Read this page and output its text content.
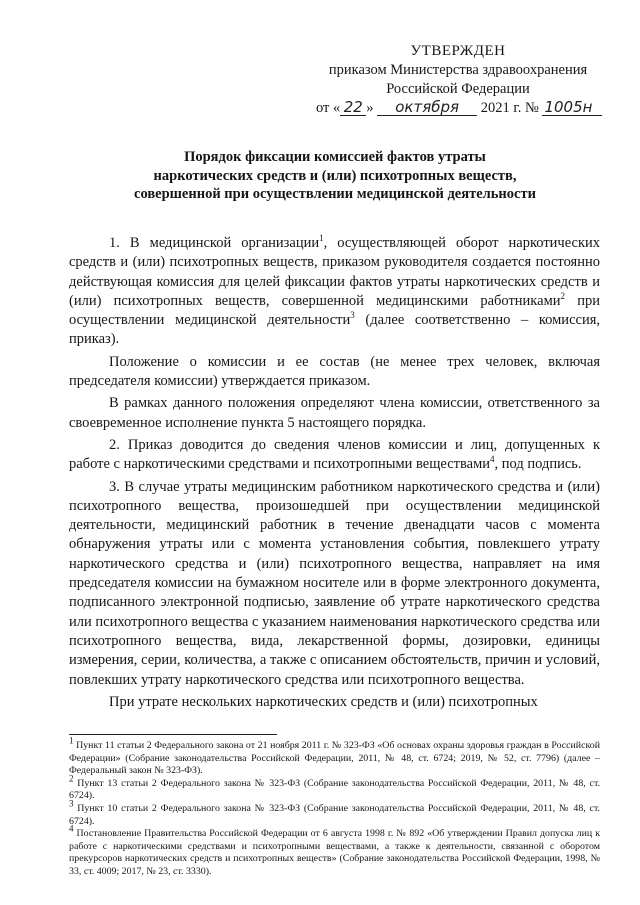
УТВЕРЖДЕН
приказом Министерства здравоохранения
Российской Федерации
от « 22 » октября 2021 г. № 1005н
Порядок фиксации комиссией фактов утраты
наркотических средств и (или) психотропных веществ,
совершенной при осуществлении медицинской деятельности

1. В медицинской организации$^1$, осуществляющей оборот наркотических средств и (или) психотропных веществ, приказом руководителя создается постоянно действующая комиссия для целей фиксации фактов утраты наркотических средств и (или) психотропных веществ, совершенной медицинскими работниками$^2$ при осуществлении медицинской деятельности$^3$ (далее соответственно – комиссия, приказ).

Положение о комиссии и ее состав (не менее трех человек, включая председателя комиссии) утверждается приказом.

В рамках данного положения определяют члена комиссии, ответственного за своевременное исполнение пункта 5 настоящего порядка.

2. Приказ доводится до сведения членов комиссии и лиц, допущенных к работе с наркотическими средствами и психотропными веществами$^4$, под подпись.

3. В случае утраты медицинским работником наркотического средства и (или) психотропного вещества, произошедшей при осуществлении медицинской деятельности, медицинский работник в течение двенадцати часов с момента обнаружения утраты или с момента установления события, повлекшего утрату наркотического средства и (или) психотропного вещества, направляет на имя председателя комиссии на бумажном носителе или в форме электронного документа, подписанного электронной подписью, заявление об утрате наркотического средства или психотропного вещества с указанием наименования наркотического средства или психотропного вещества, вида, лекарственной формы, дозировки, единицы измерения, серии, количества, а также с описанием обстоятельств, причин и условий, повлекших утрату наркотического средства или психотропного вещества.

При утрате нескольких наркотических средств и (или) психотропных

$^1$ Пункт 11 статьи 2 Федерального закона от 21 ноября 2011 г. № 323-ФЗ «Об основах охраны здоровья граждан в Российской Федерации» (Собрание законодательства Российской Федерации, 2011, № 48, ст. 6724; 2019, № 52, ст. 7796) (далее – Федеральный закон № 323-ФЗ).

$^2$ Пункт 13 статьи 2 Федерального закона № 323-ФЗ (Собрание законодательства Российской Федерации, 2011, № 48, ст. 6724).

$^3$ Пункт 10 статьи 2 Федерального закона № 323-ФЗ (Собрание законодательства Российской Федерации, 2011, № 48, ст. 6724).

$^4$ Постановление Правительства Российской Федерации от 6 августа 1998 г. № 892 «Об утверждении Правил допуска лиц к работе с наркотическими средствами и психотропными веществами, а также к деятельности, связанной с оборотом прекурсоров наркотических средств и психотропных веществ» (Собрание законодательства Российской Федерации, 1998, № 33, ст. 4009; 2017, № 23, ст. 3330).
